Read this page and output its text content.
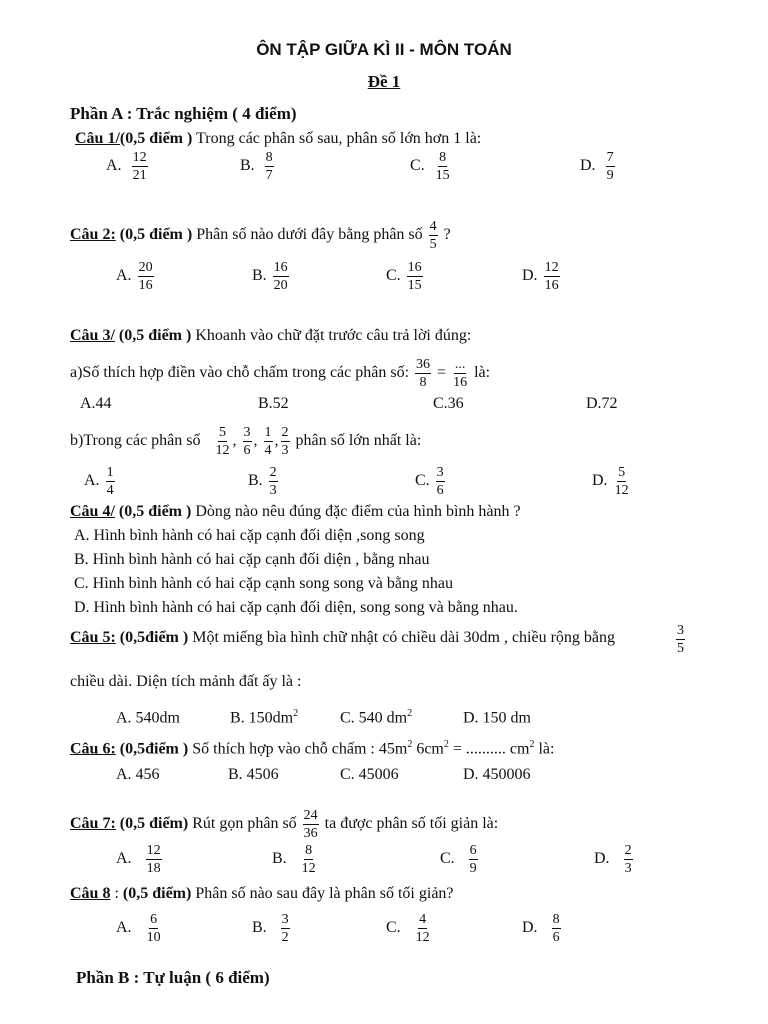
ÔN TẬP GIỮA KÌ II - MÔN TOÁN
Đề 1
Phần A : Trắc nghiệm ( 4 điểm)
Câu 1/(0,5 điểm ) Trong các phân số sau, phân số lớn hơn 1 là:
A. $\frac{12}{21}$	B. $\frac{8}{7}$	C. $\frac{8}{15}$	D. $\frac{7}{9}$
Câu 2: (0,5 điểm ) Phân số nào dưới đây bằng phân số $\frac{4}{5}$ ?
A. $\frac{20}{16}$	B. $\frac{16}{20}$	C. $\frac{16}{15}$	D. $\frac{12}{16}$
Câu 3/ (0,5 điểm ) Khoanh vào chữ đặt trước câu trả lời đúng:
a)Số thích hợp điền vào chỗ chấm trong các phân số: $\frac{36}{8} = \frac{...}{16}$ là:
A.44	B.52	C.36	D.72
b)Trong các phân số $\frac{5}{12}$ , $\frac{3}{6}$ , $\frac{1}{4}$ , $\frac{2}{3}$ phân số lớn nhất là:
A. $\frac{1}{4}$	B. $\frac{2}{3}$	C. $\frac{3}{6}$	D. $\frac{5}{12}$
Câu 4/ (0,5 điểm ) Dòng nào nêu đúng đặc điểm của hình bình hành ?
A. Hình bình hành có hai cặp cạnh đối diện ,song song
B. Hình bình hành có hai cặp cạnh đối diện , bằng nhau
C. Hình bình hành có hai cặp cạnh song song và bằng nhau
D. Hình bình hành có hai cặp cạnh đối diện, song song và bằng nhau.
Câu 5: (0,5điểm ) Một miếng bìa hình chữ nhật có chiều dài 30dm , chiều rộng bằng	$\frac{3}{5}$
chiều dài. Diện tích mảnh đất ấy là :
A. 540dm	B. $150dm^2$	C. 540 $dm^2$	D. 150 dm
Câu 6: (0,5điểm ) Số thích hợp vào chỗ chấm : $45m^2$ $6cm^2$ = .......... $cm^2$ là:
A. 456	B. 4506	C. 45006	D. 450006
Câu 7: (0,5 điểm) Rút gọn phân số $\frac{24}{36}$ ta được phân số tối giản là:
A. $\frac{12}{18}$	B. $\frac{8}{12}$	C. $\frac{6}{9}$	D. $\frac{2}{3}$
Câu 8 : (0,5 điểm) Phân số nào sau đây là phân số tối giản?
A. $\frac{6}{10}$	B. $\frac{3}{2}$	C. $\frac{4}{12}$	D. $\frac{8}{6}$
Phần B : Tự luận ( 6 điểm)
